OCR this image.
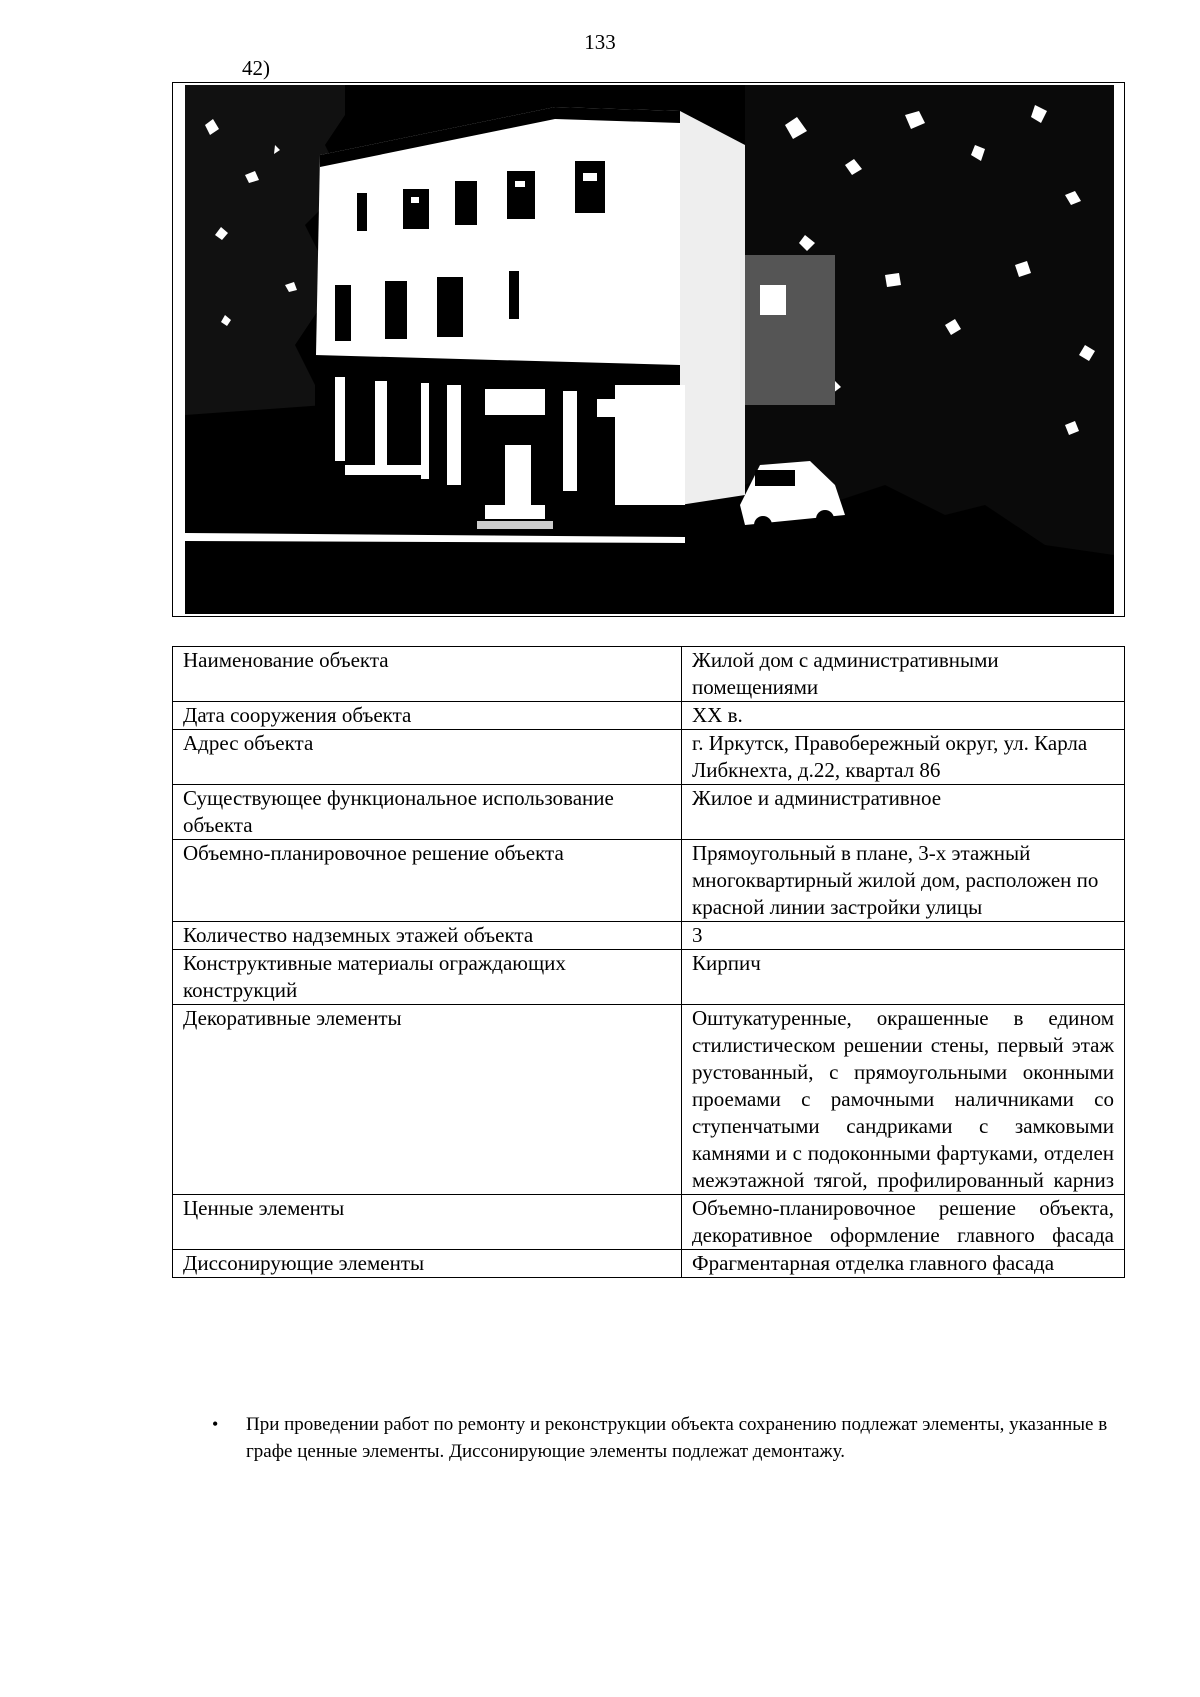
133
42)
Наименование объекта	Жилой дом с административными помещениями
Дата сооружения объекта	XX в.
Адрес объекта	г. Иркутск, Правобережный округ, ул. Карла Либкнехта, д.22, квартал 86
Существующее функциональное использование объекта	Жилое и административное
Объемно-планировочное решение объекта	Прямоугольный в плане, 3-х этажный многоквартирный жилой дом, расположен по красной линии застройки улицы
Количество надземных этажей объекта	3
Конструктивные материалы ограждающих конструкций	Кирпич
Декоративные элементы	Оштукатуренные, окрашенные в едином стилистическом решении стены, первый этаж рустованный, с прямоугольными оконными проемами с рамочными наличниками со ступенчатыми сандриками с замковыми камнями и с подоконными фартуками, отделен межэтажной тягой, профилированный карниз
Ценные элементы	Объемно-планировочное решение объекта, декоративное оформление главного фасада
Диссонирующие элементы	Фрагментарная отделка главного фасада
• При проведении работ по ремонту и реконструкции объекта сохранению подлежат элементы, указанные в графе ценные элементы. Диссонирующие элементы подлежат демонтажу.
